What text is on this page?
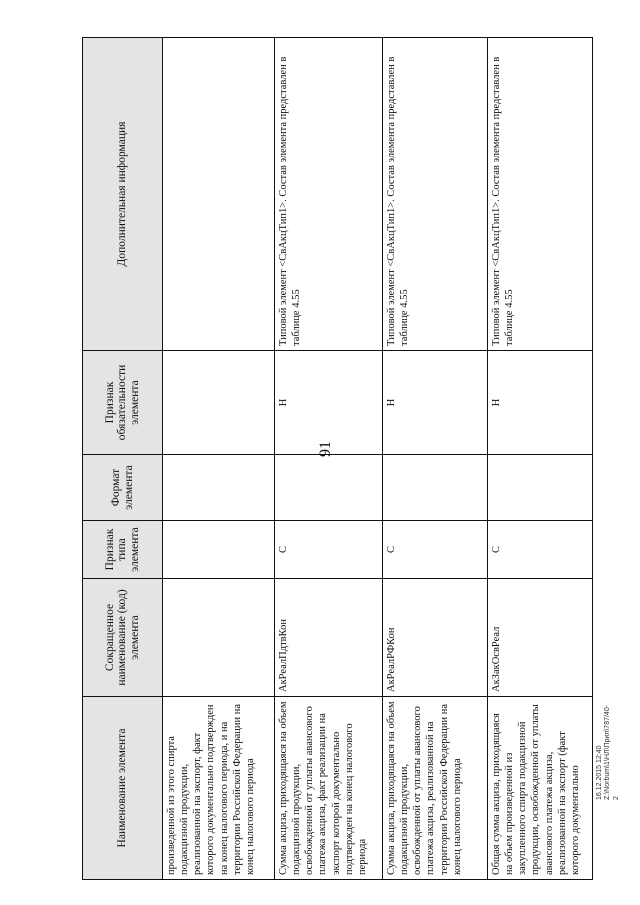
91
Наименование элемента	Сокращенное наименование (код) элемента	Признак типа элемента	Формат элемента	Признак обязательности элемента	Дополнительная информация
произведенной из этого спирта подакцизной продукции, реализованной на экспорт, факт которого документально подтвержден на конец налогового периода, и на территории Российской Федерации на конец налогового периода					
Сумма акциза, приходящаяся на объем подакцизной продукции, освобожденной от уплаты авансового платежа акциза, факт реализации на экспорт которой документально подтвержден на конец налогового периода	АкРеалПдтвКон	С		Н	Типовой элемент <СвАкцТип1>. Состав элемента представлен в таблице 4.55
Сумма акциза, приходящаяся на объем подакцизной продукции, освобожденной от уплаты авансового платежа акциза, реализованной на территории Российской Федерации на конец налогового периода	АкРеалРФКон	С		Н	Типовой элемент <СвАкцТип1>. Состав элемента представлен в таблице 4.55
Общая сумма акциза, приходящаяся на объем произведенной из закупленного спирта подакцизной продукции, освобожденной от уплаты авансового платежа акциза, реализованной на экспорт (факт которого документально	АкЗакОсвРеал	С		Н	Типовой элемент <СвАкцТип1>. Состав элемента представлен в таблице 4.55
16.12.2015 12:40 Z:\Norbum\1\НЛ\Прил\787/40-2
